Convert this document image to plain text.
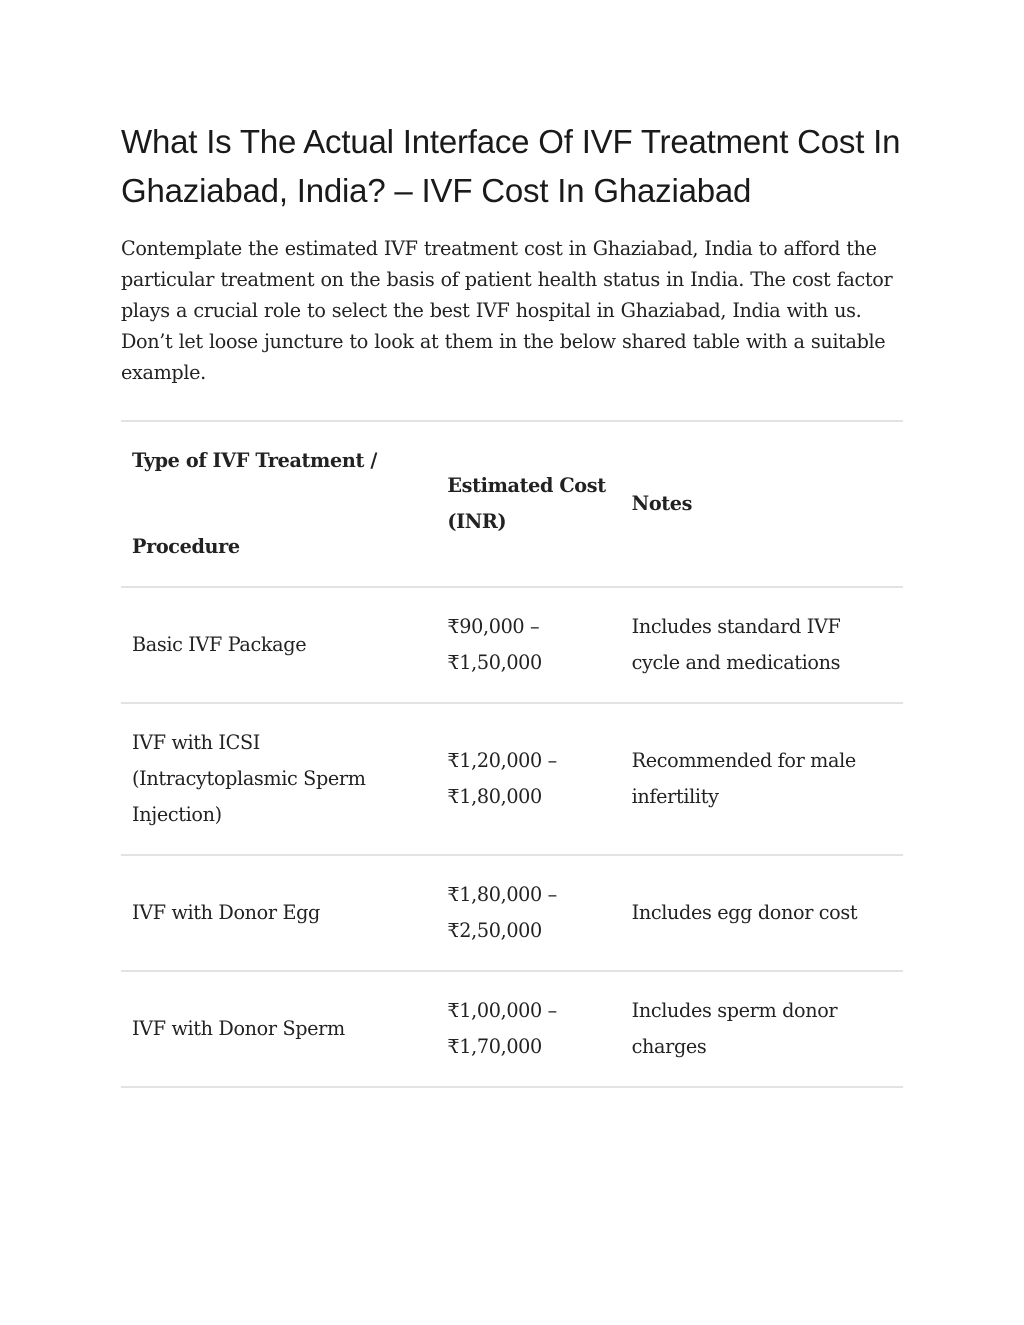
What Is The Actual Interface Of IVF Treatment Cost In Ghaziabad, India? – IVF Cost In Ghaziabad

Contemplate the estimated IVF treatment cost in Ghaziabad, India to afford the particular treatment on the basis of patient health status in India. The cost factor plays a crucial role to select the best IVF hospital in Ghaziabad, India with us. Don’t let loose juncture to look at them in the below shared table with a suitable example.

Type of IVF Treatment /
Procedure	Estimated Cost (INR)	Notes
Basic IVF Package	₹90,000 – ₹1,50,000	Includes standard IVF cycle and medications
IVF with ICSI (Intracytoplasmic Sperm Injection)	₹1,20,000 – ₹1,80,000	Recommended for male infertility
IVF with Donor Egg	₹1,80,000 – ₹2,50,000	Includes egg donor cost
IVF with Donor Sperm	₹1,00,000 – ₹1,70,000	Includes sperm donor charges
